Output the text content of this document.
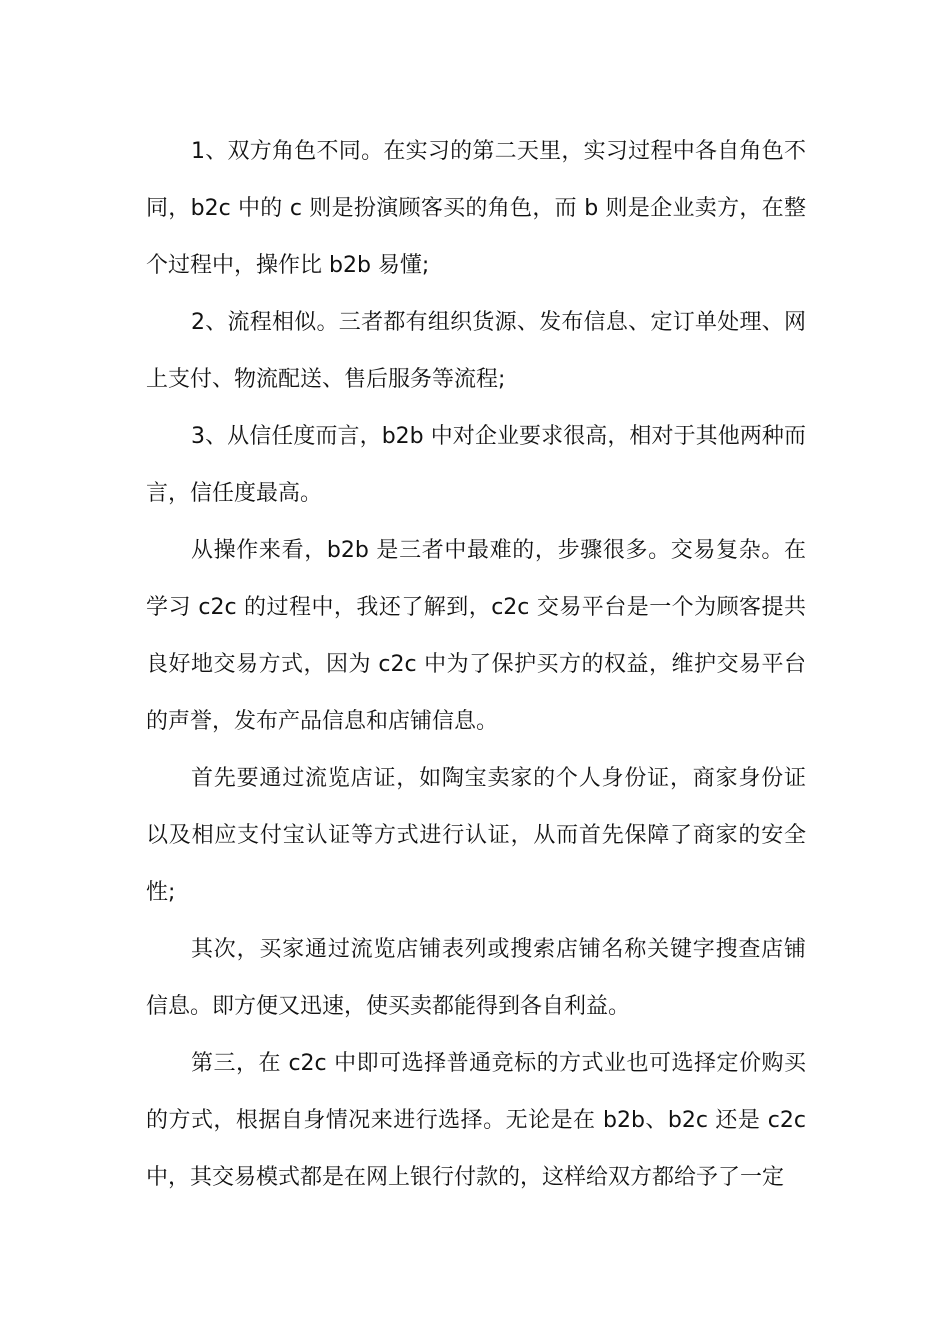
1、双方角色不同。在实习的第二天里，实习过程中各自角色不同，b2c 中的 c 则是扮演顾客买的角色，而 b 则是企业卖方，在整个过程中，操作比 b2b 易懂;

2、流程相似。三者都有组织货源、发布信息、定订单处理、网上支付、物流配送、售后服务等流程;

3、从信任度而言，b2b 中对企业要求很高，相对于其他两种而言，信任度最高。

从操作来看，b2b 是三者中最难的，步骤很多。交易复杂。在学习 c2c 的过程中，我还了解到，c2c 交易平台是一个为顾客提共良好地交易方式，因为 c2c 中为了保护买方的权益，维护交易平台的声誉，发布产品信息和店铺信息。

首先要通过流览店证，如陶宝卖家的个人身份证，商家身份证以及相应支付宝认证等方式进行认证，从而首先保障了商家的安全性;

其次，买家通过流览店铺表列或搜索店铺名称关键字搜查店铺信息。即方便又迅速，使买卖都能得到各自利益。

第三，在 c2c 中即可选择普通竞标的方式业也可选择定价购买的方式，根据自身情况来进行选择。无论是在 b2b、b2c 还是 c2c 中，其交易模式都是在网上银行付款的，这样给双方都给予了一定
